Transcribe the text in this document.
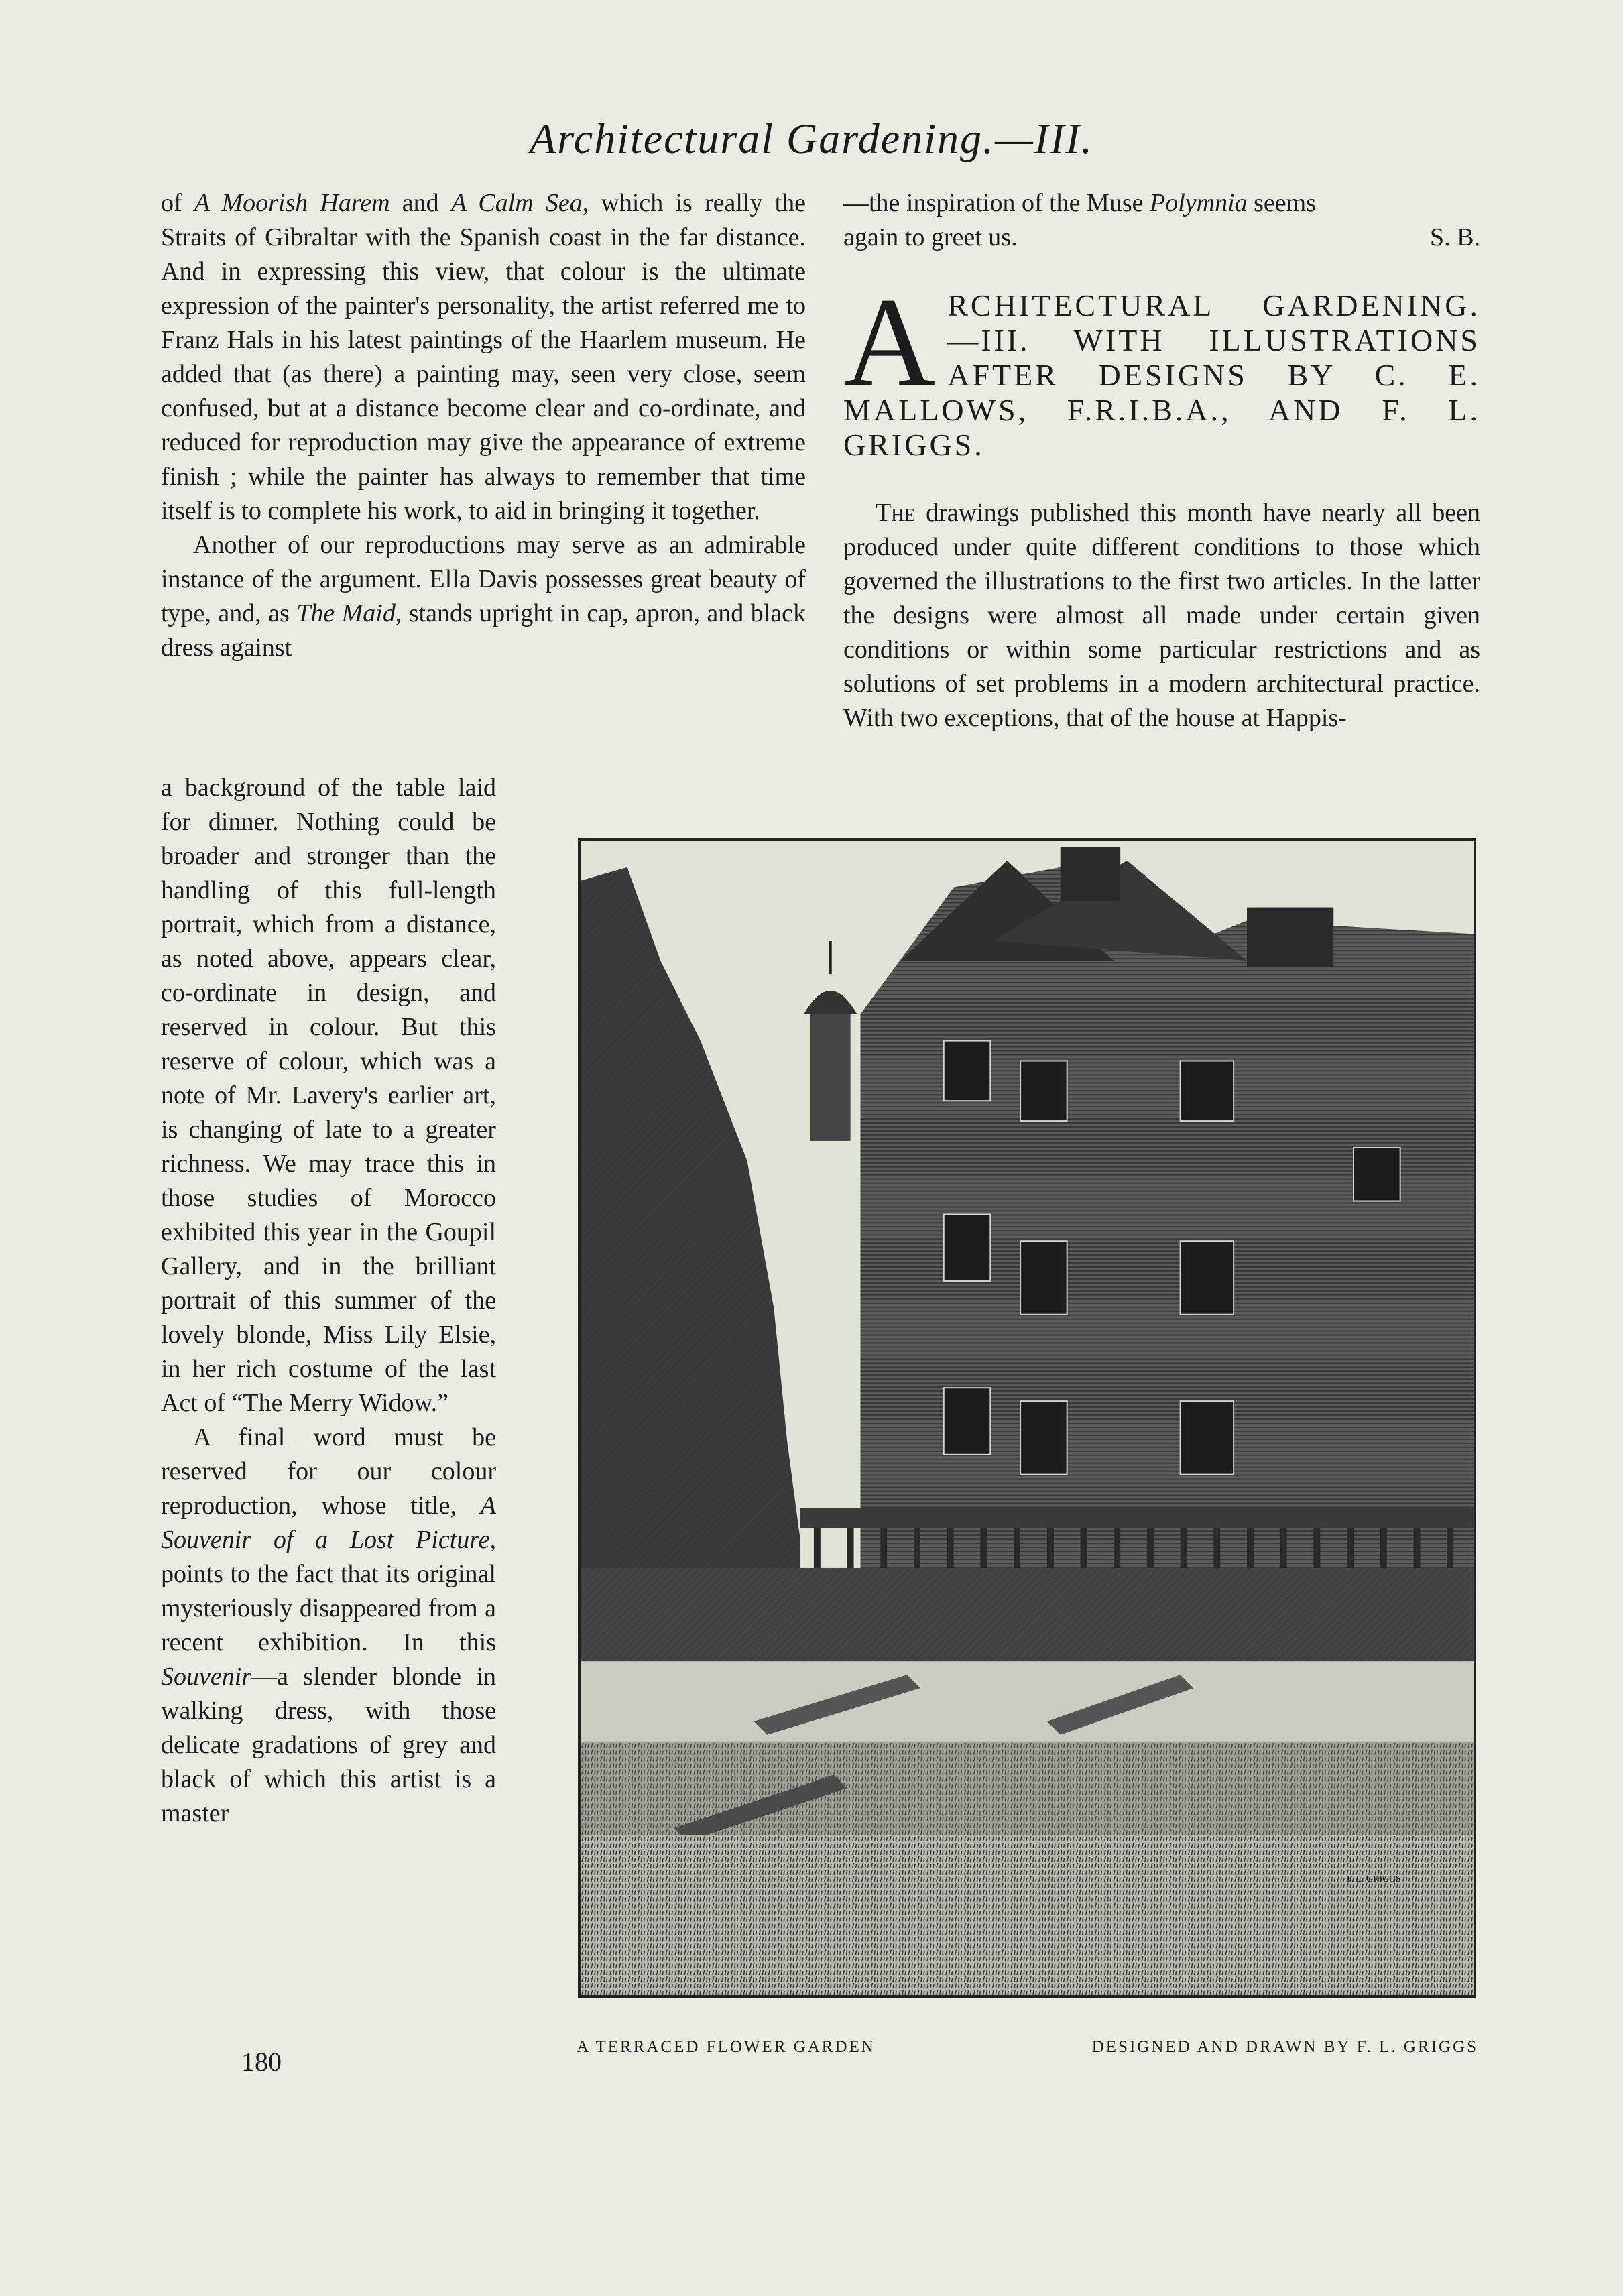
Architectural Gardening.—III.

of A Moorish Harem and A Calm Sea, which is really the Straits of Gibraltar with the Spanish coast in the far distance. And in expressing this view, that colour is the ultimate expression of the painter's personality, the artist referred me to Franz Hals in his latest paintings of the Haarlem museum. He added that (as there) a painting may, seen very close, seem confused, but at a distance become clear and co-ordinate, and reduced for reproduction may give the appearance of extreme finish ; while the painter has always to remember that time itself is to complete his work, to aid in bringing it together.

Another of our reproductions may serve as an admirable instance of the argument. Ella Davis possesses great beauty of type, and, as The Maid, stands upright in cap, apron, and black dress against

a background of the table laid for dinner. Nothing could be broader and stronger than the handling of this full-length portrait, which from a distance, as noted above, appears clear, co-ordinate in design, and reserved in colour. But this reserve of colour, which was a note of Mr. Lavery's earlier art, is changing of late to a greater richness. We may trace this in those studies of Morocco exhibited this year in the Goupil Gallery, and in the brilliant portrait of this summer of the lovely blonde, Miss Lily Elsie, in her rich costume of the last Act of “The Merry Widow.”

A final word must be reserved for our colour reproduction, whose title, A Souvenir of a Lost Picture, points to the fact that its original mysteriously disappeared from a recent exhibition. In this Souvenir—a slender blonde in walking dress, with those delicate gradations of grey and black of which this artist is a master

—the inspiration of the Muse Polymnia seems

again to greet us.	S. B.

ARCHITECTURAL GARDENING. —III. WITH ILLUSTRATIONS AFTER DESIGNS BY C. E. MALLOWS, F.R.I.B.A., AND F. L. GRIGGS.

The drawings published this month have nearly all been produced under quite different conditions to those which governed the illustrations to the first two articles. In the latter the designs were almost all made under certain given conditions or within some particular restrictions and as solutions of set problems in a modern architectural practice. With two exceptions, that of the house at Happis-

F. L. GRIGGS
A TERRACED FLOWER GARDEN	DESIGNED AND DRAWN BY F. L. GRIGGS
180
